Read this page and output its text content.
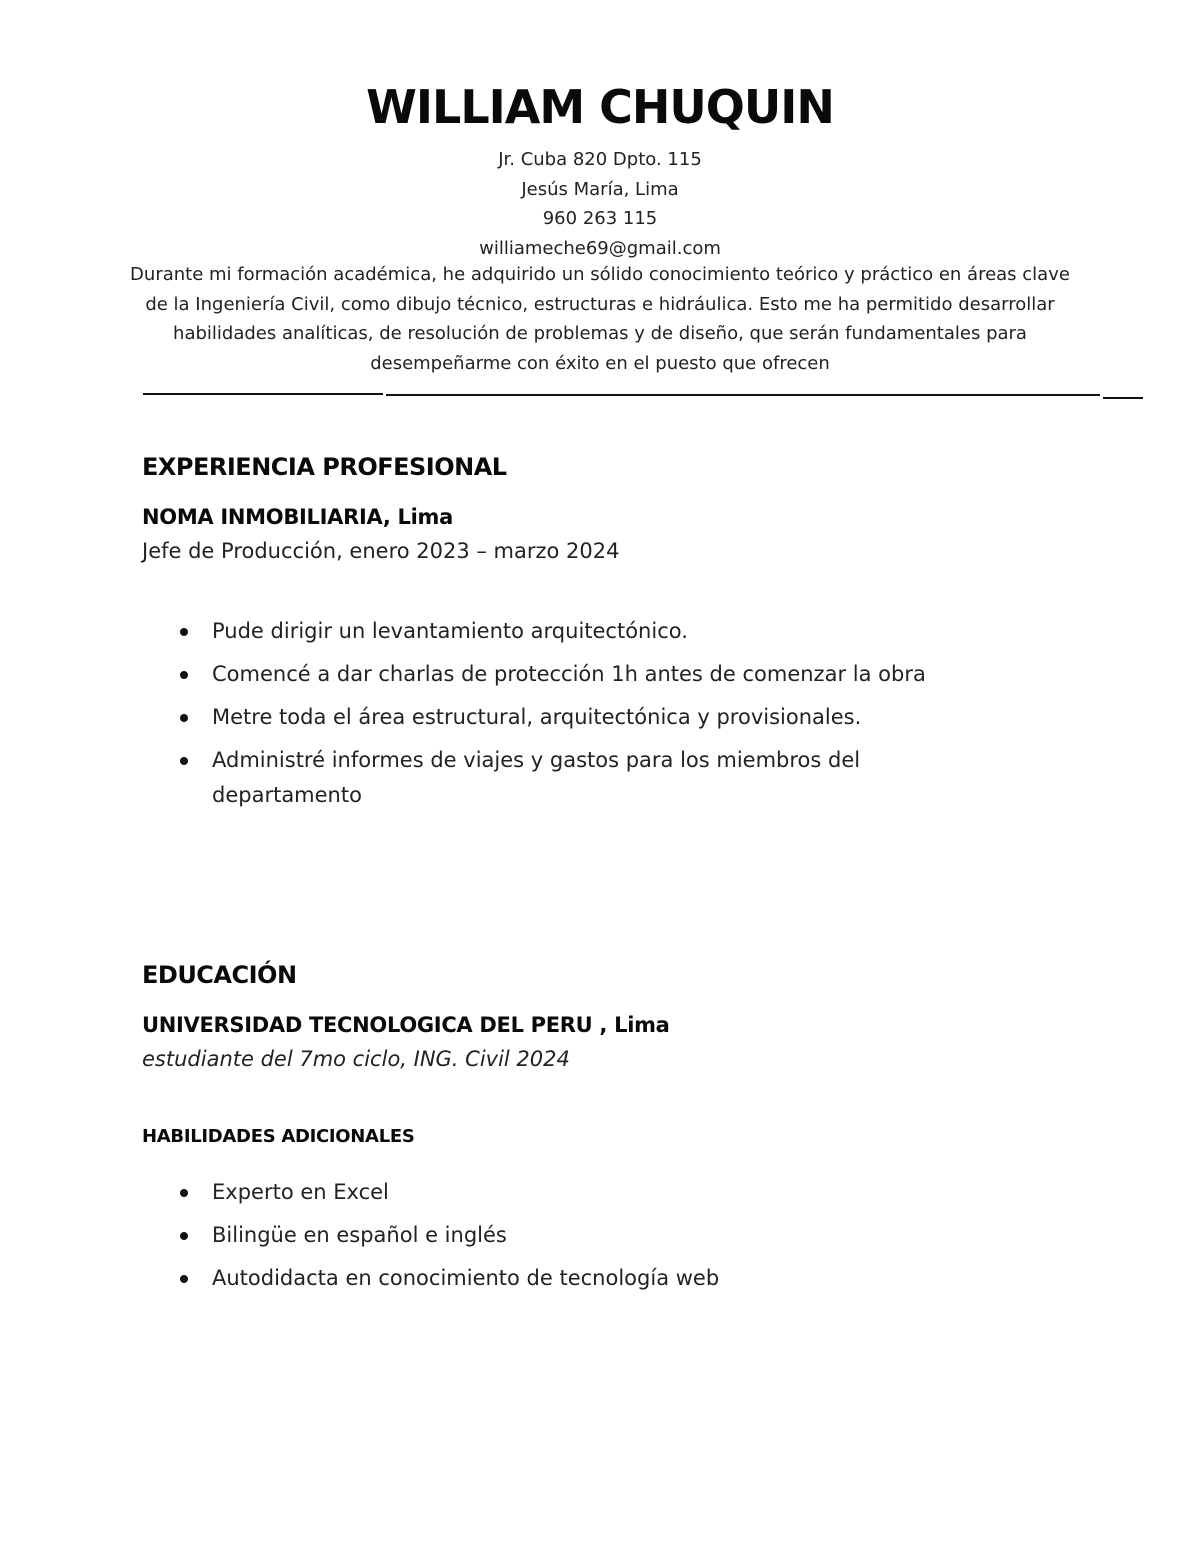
WILLIAM CHUQUIN
Jr. Cuba 820 Dpto. 115
Jesús María, Lima
960 263 115
williameche69@gmail.com

Durante mi formación académica, he adquirido un sólido conocimiento teórico y práctico en áreas clave de la Ingeniería Civil, como dibujo técnico, estructuras e hidráulica. Esto me ha permitido desarrollar habilidades analíticas, de resolución de problemas y de diseño, que serán fundamentales para desempeñarme con éxito en el puesto que ofrecen

EXPERIENCIA PROFESIONAL
NOMA INMOBILIARIA, Lima

Jefe de Producción, enero 2023 – marzo 2024

Pude dirigir un levantamiento arquitectónico.
Comencé a dar charlas de protección 1h antes de comenzar la obra
Metre toda el área estructural, arquitectónica y provisionales.
Administré informes de viajes y gastos para los miembros del departamento
EDUCACIÓN
UNIVERSIDAD TECNOLOGICA DEL PERU , Lima

estudiante del 7mo ciclo, ING. Civil 2024

HABILIDADES ADICIONALES
Experto en Excel
Bilingüe en español e inglés
Autodidacta en conocimiento de tecnología web
